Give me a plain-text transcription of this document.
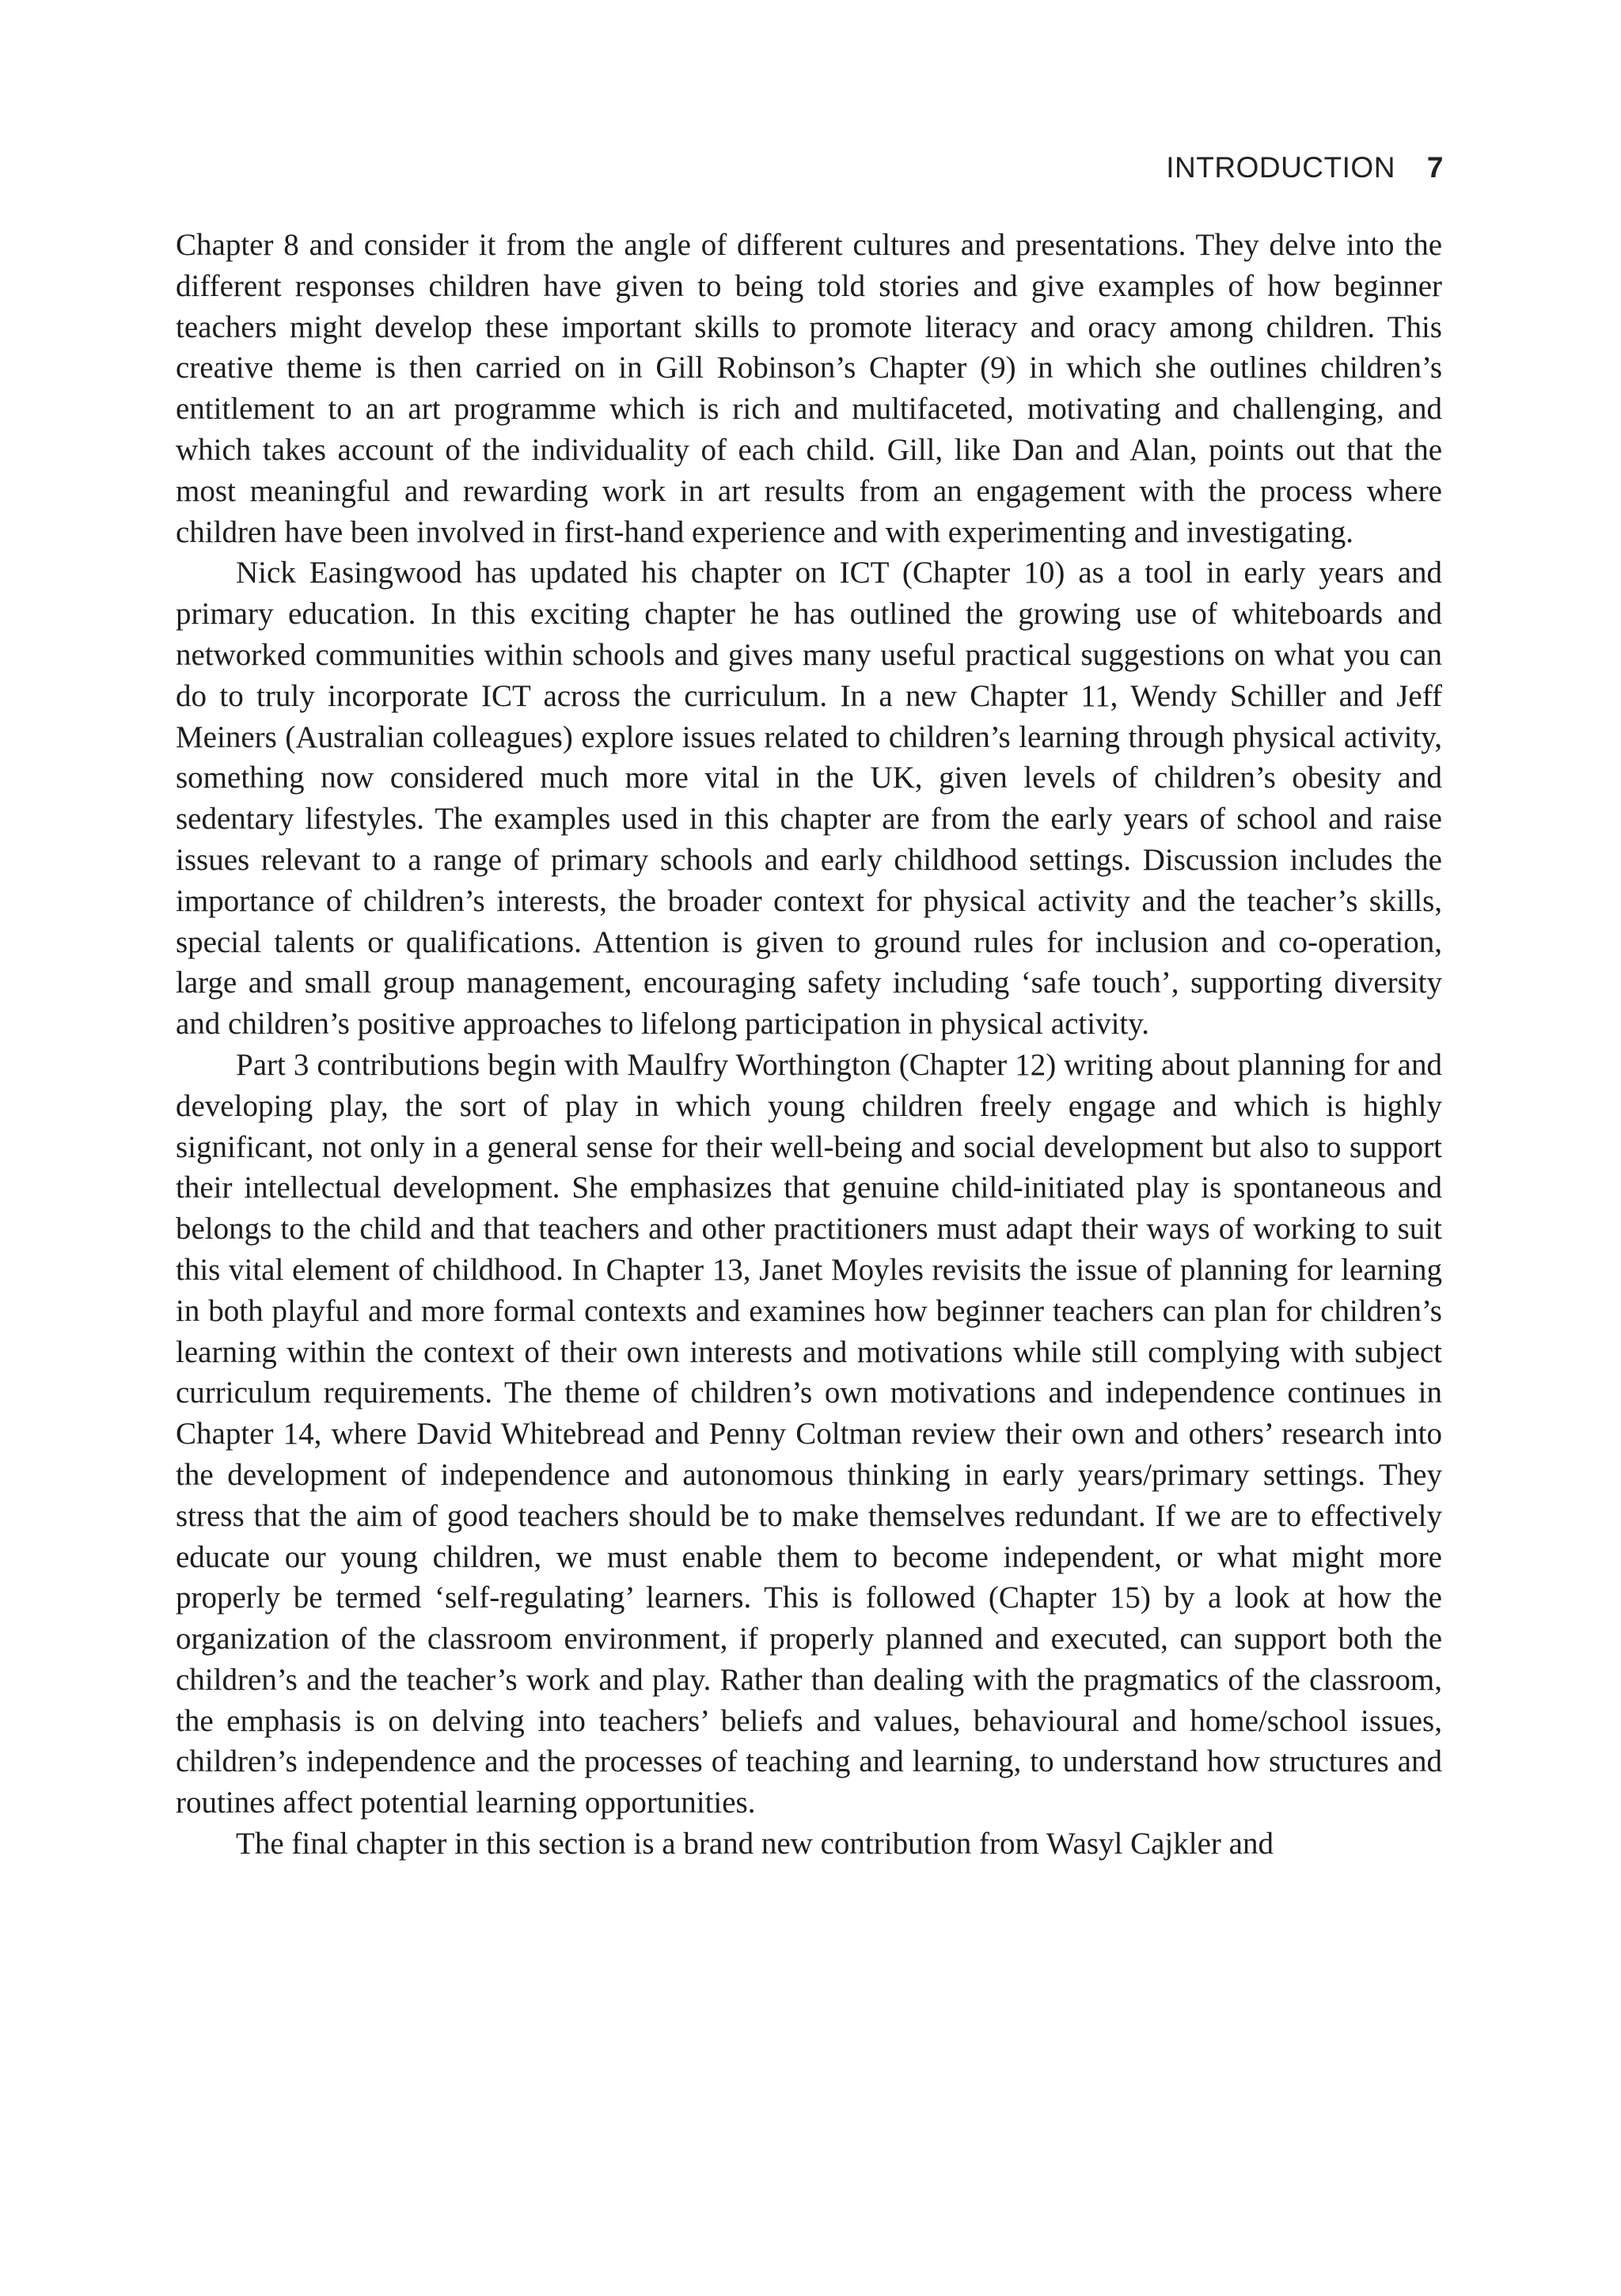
INTRODUCTION 7

Chapter 8 and consider it from the angle of different cultures and presentations. They delve into the different responses children have given to being told stories and give examples of how beginner teachers might develop these important skills to promote literacy and oracy among children. This creative theme is then carried on in Gill Robinson’s Chapter (9) in which she outlines children’s entitlement to an art programme which is rich and multifaceted, motivating and challenging, and which takes account of the individuality of each child. Gill, like Dan and Alan, points out that the most meaningful and rewarding work in art results from an engagement with the process where children have been involved in first-hand experience and with experimenting and investigating.

Nick Easingwood has updated his chapter on ICT (Chapter 10) as a tool in early years and primary education. In this exciting chapter he has outlined the growing use of whiteboards and networked communities within schools and gives many useful practical suggestions on what you can do to truly incorporate ICT across the curriculum. In a new Chapter 11, Wendy Schiller and Jeff Meiners (Australian colleagues) explore issues related to children’s learning through physical activity, something now considered much more vital in the UK, given levels of children’s obesity and sedentary lifestyles. The examples used in this chapter are from the early years of school and raise issues relevant to a range of primary schools and early childhood settings. Discussion includes the importance of children’s interests, the broader context for physical activity and the teacher’s skills, special talents or qualifications. Attention is given to ground rules for inclusion and co-operation, large and small group management, encouraging safety including ‘safe touch’, supporting diversity and children’s positive approaches to lifelong participation in physical activity.

Part 3 contributions begin with Maulfry Worthington (Chapter 12) writing about planning for and developing play, the sort of play in which young children freely engage and which is highly significant, not only in a general sense for their well-being and social development but also to support their intellectual development. She emphasizes that genuine child-initiated play is spontaneous and belongs to the child and that teachers and other practitioners must adapt their ways of working to suit this vital element of childhood. In Chapter 13, Janet Moyles revisits the issue of planning for learning in both playful and more formal contexts and examines how beginner teachers can plan for children’s learning within the context of their own interests and motivations while still complying with subject curriculum requirements. The theme of children’s own motivations and independence continues in Chapter 14, where David Whitebread and Penny Coltman review their own and others’ research into the development of independence and autonomous thinking in early years/primary settings. They stress that the aim of good teachers should be to make themselves redundant. If we are to effectively educate our young children, we must enable them to become independent, or what might more properly be termed ‘self-regulating’ learners. This is followed (Chapter 15) by a look at how the organization of the classroom environment, if properly planned and executed, can support both the children’s and the teacher’s work and play. Rather than dealing with the pragmatics of the classroom, the emphasis is on delving into teachers’ beliefs and values, behavioural and home/school issues, children’s independence and the processes of teaching and learning, to understand how structures and routines affect potential learning opportunities.

The final chapter in this section is a brand new contribution from Wasyl Cajkler and
